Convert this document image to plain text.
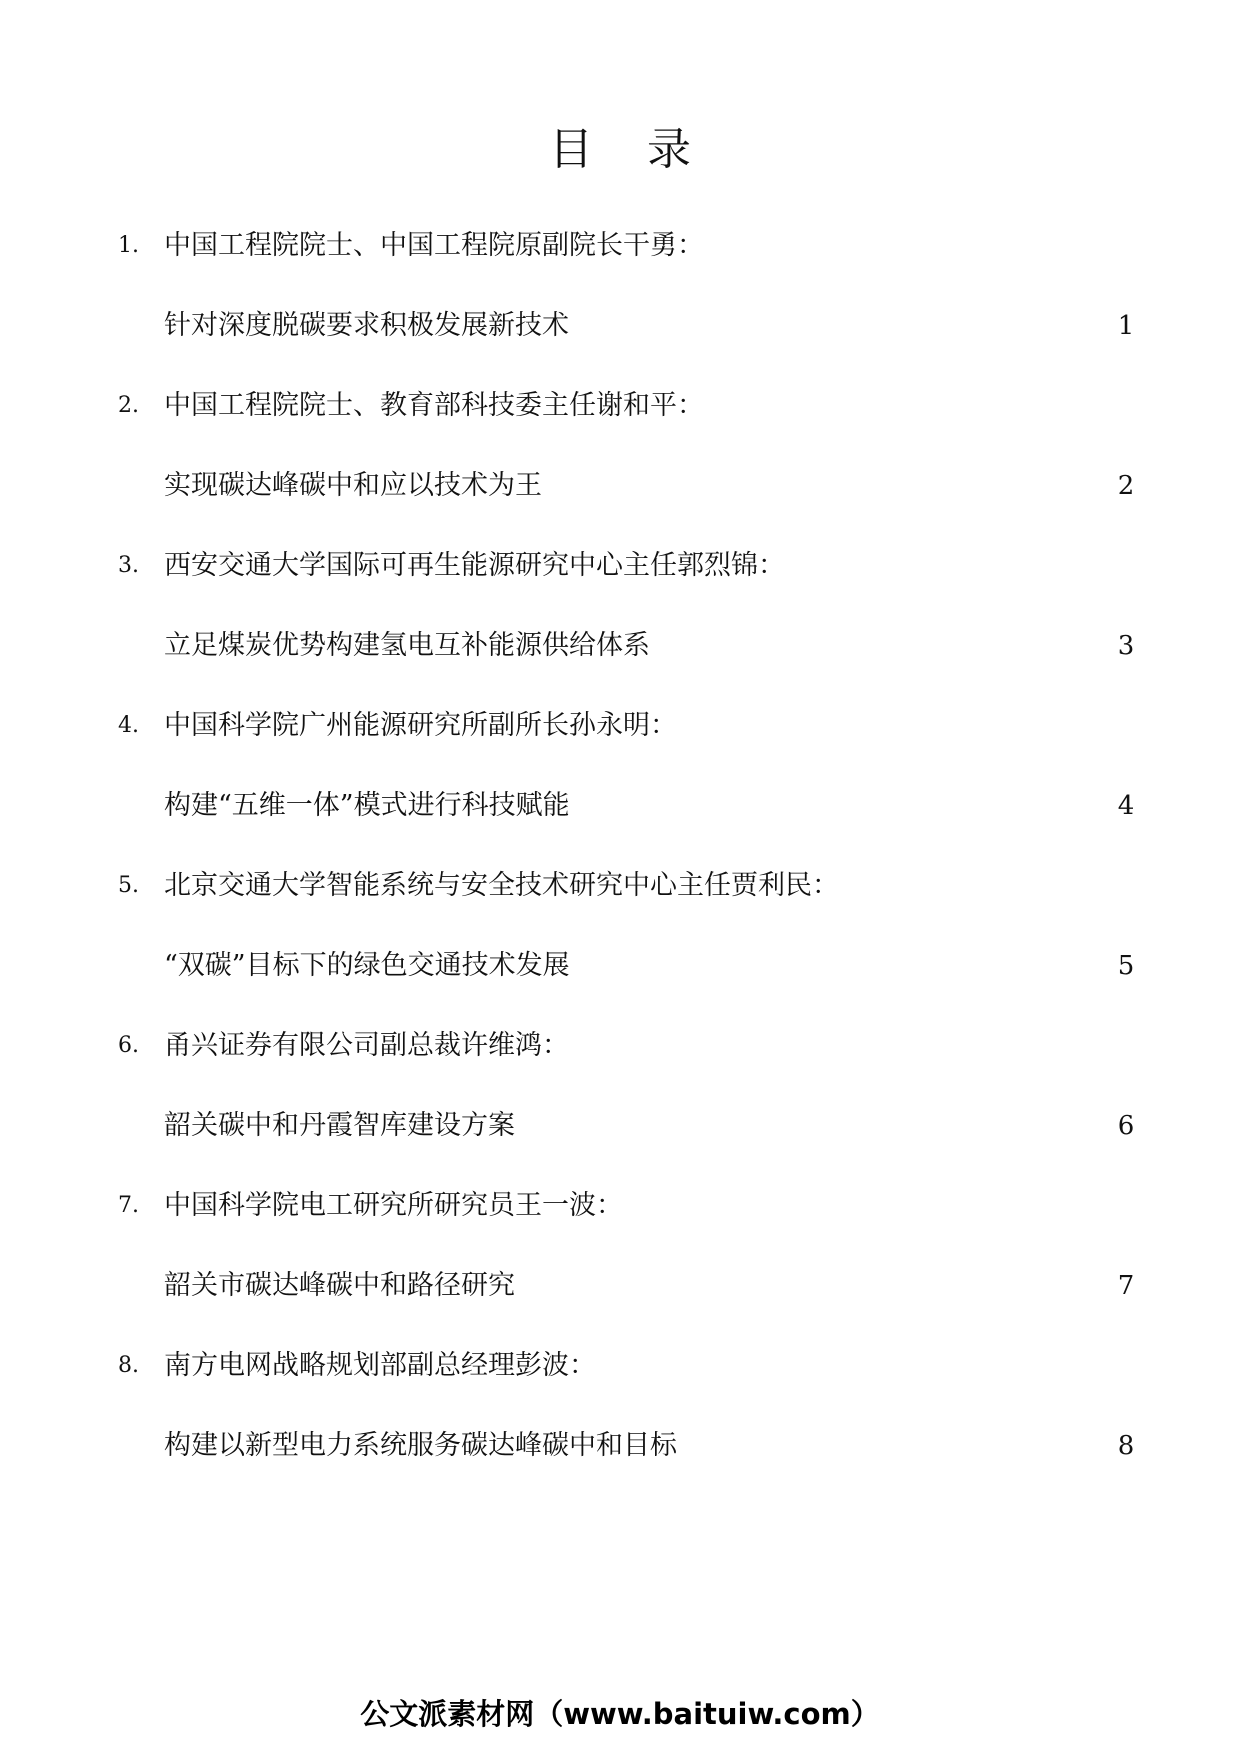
目 录
1. 中国工程院院士、中国工程院原副院长干勇：
针对深度脱碳要求积极发展新技术	1
2. 中国工程院院士、教育部科技委主任谢和平：
实现碳达峰碳中和应以技术为王	2
3. 西安交通大学国际可再生能源研究中心主任郭烈锦：
立足煤炭优势构建氢电互补能源供给体系	3
4. 中国科学院广州能源研究所副所长孙永明：
构建“五维一体”模式进行科技赋能	4
5. 北京交通大学智能系统与安全技术研究中心主任贾利民：
“双碳”目标下的绿色交通技术发展	5
6. 甬兴证券有限公司副总裁许维鸿：
韶关碳中和丹霞智库建设方案	6
7. 中国科学院电工研究所研究员王一波：
韶关市碳达峰碳中和路径研究	7
8. 南方电网战略规划部副总经理彭波：
构建以新型电力系统服务碳达峰碳中和目标	8
公文派素材网（www.baituiw.com）
